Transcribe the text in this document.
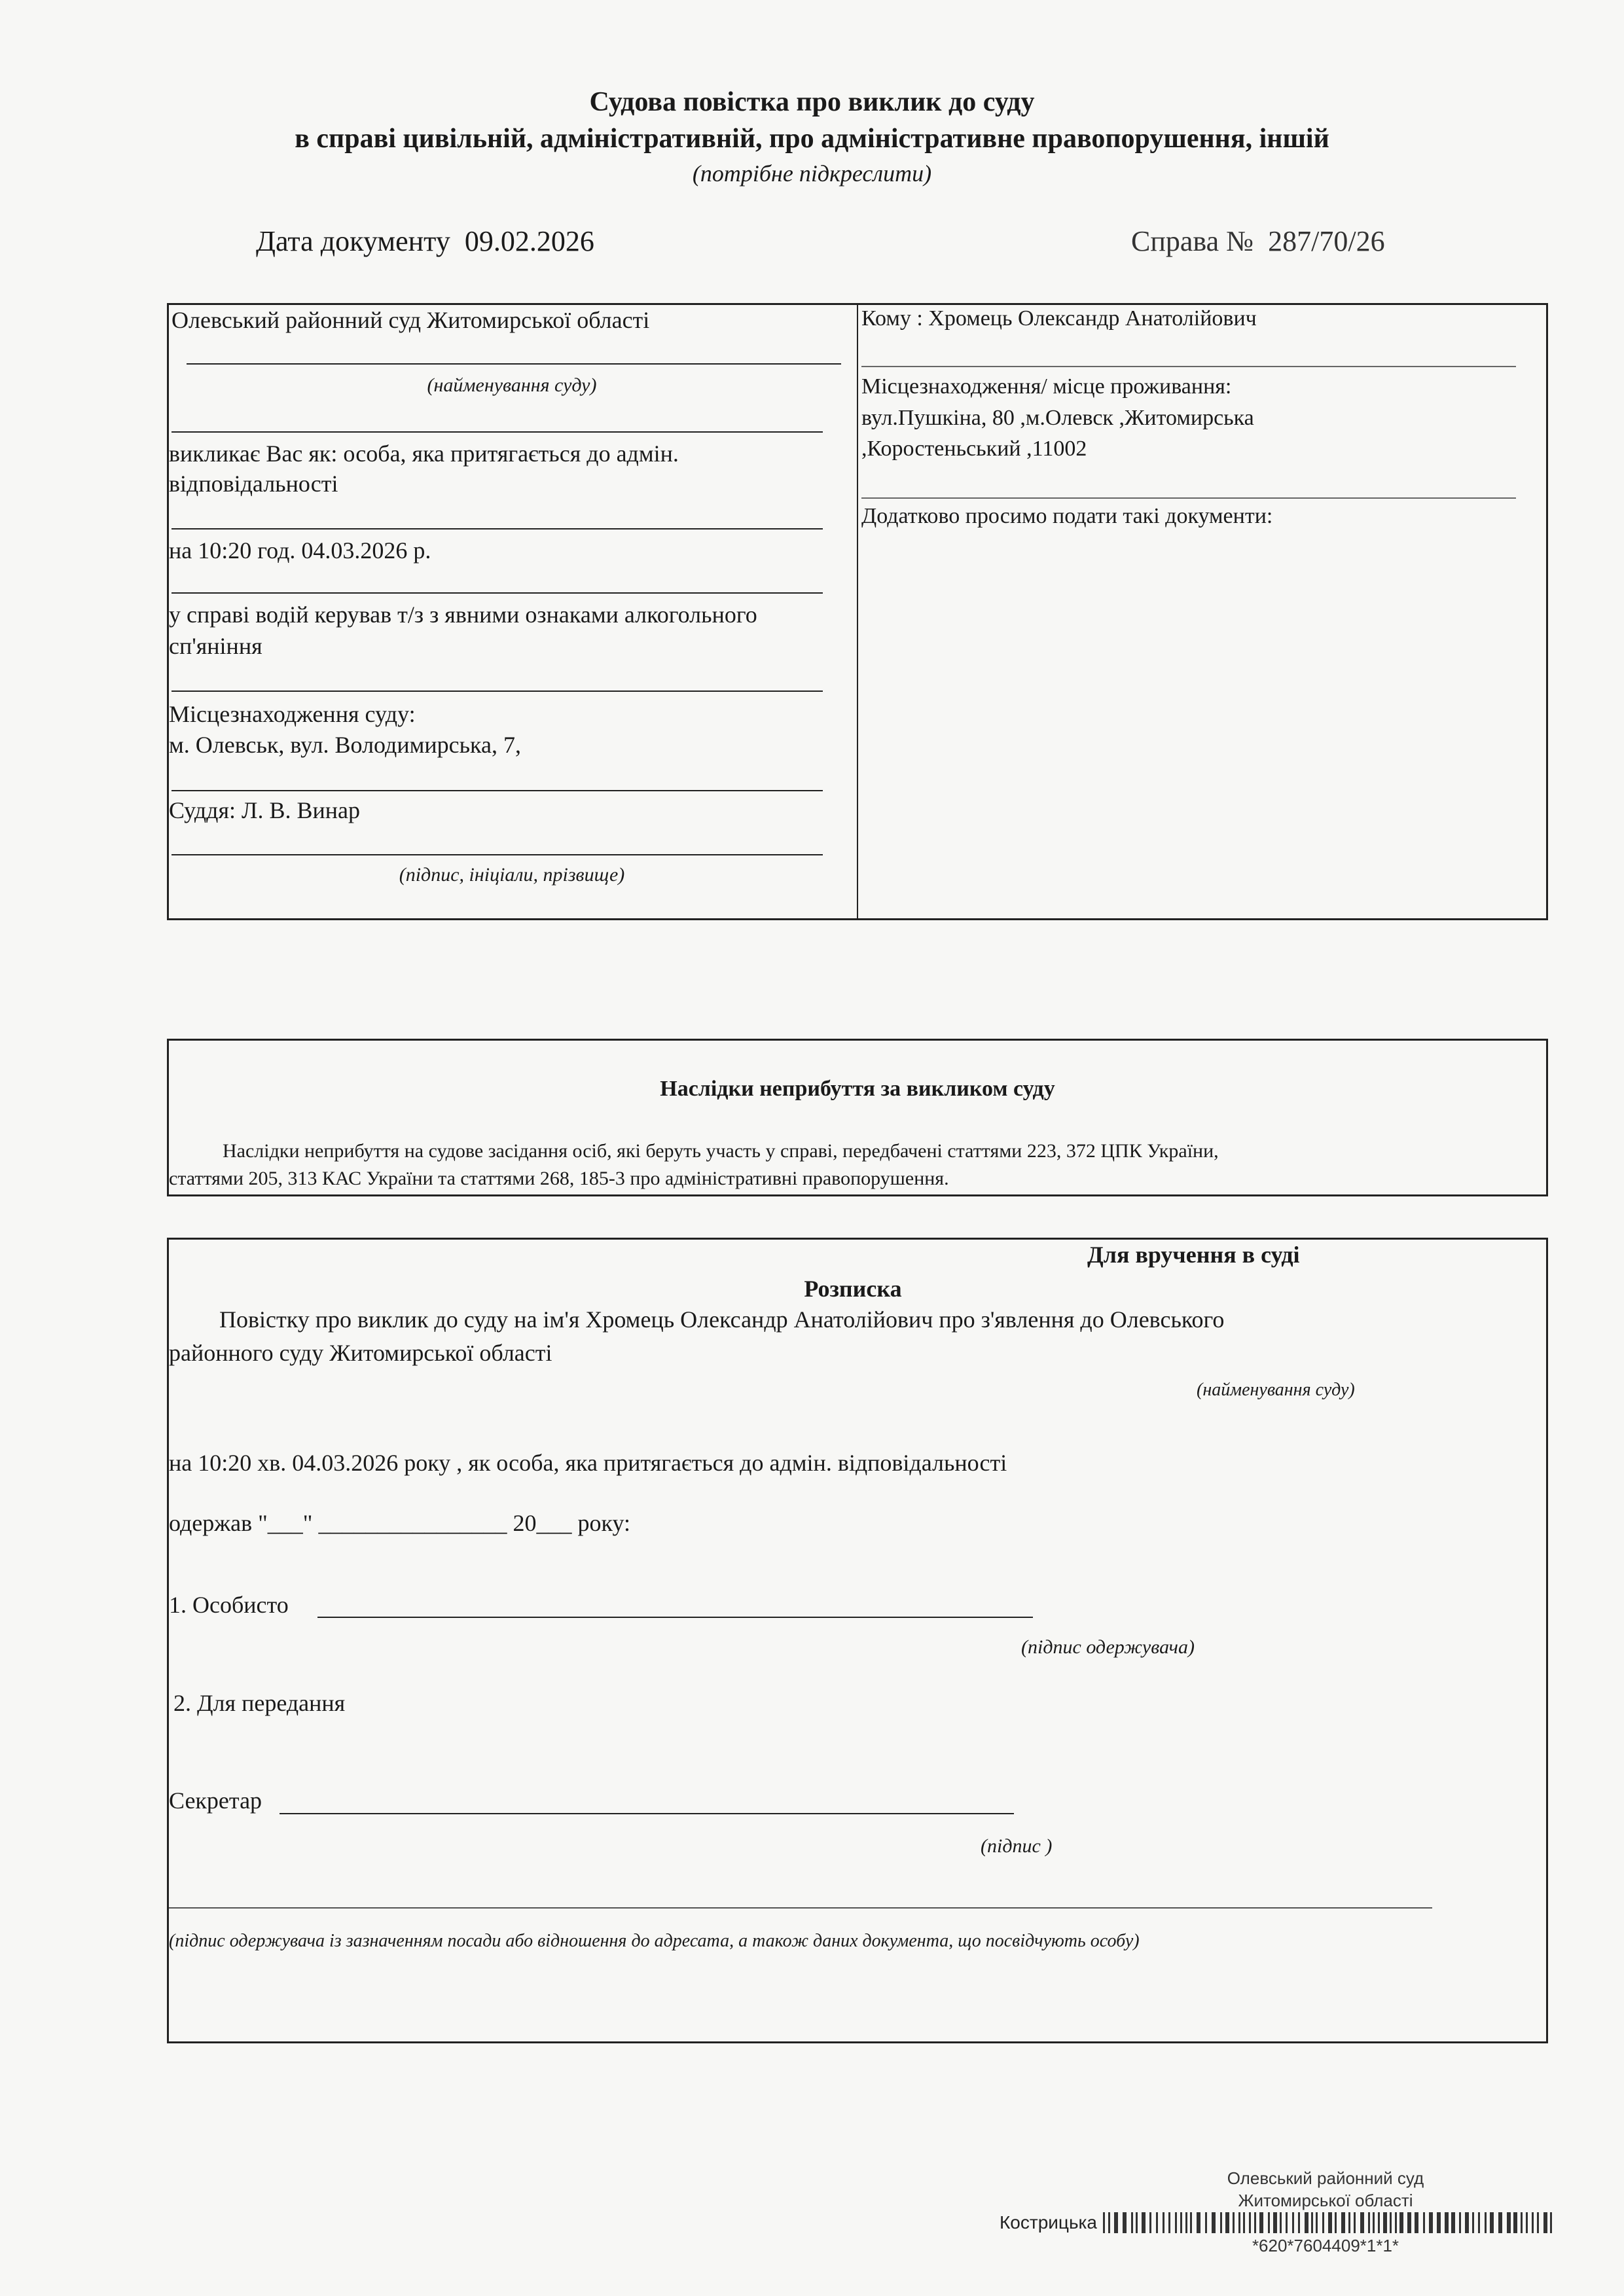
Судова повістка про виклик до суду
в справі цивільній, адміністративній, про адміністративне правопорушення, іншій
(потрібне підкреслити)
Дата документу 09.02.2026	Справа № 287/70/26
Олевський районний суд Житомирської області
(найменування суду)
викликає Вас як: особа, яка притягається до адмін.
відповідальності
на 10:20 год. 04.03.2026 р.
у справі водій керував т/з з явними ознаками алкогольного
сп'яніння
Місцезнаходження суду:
м. Олевськ, вул. Володимирська, 7,
Суддя: Л. В. Винар
(підпис, ініціали, прізвище)
Кому : Хромець Олександр Анатолійович
Місцезнаходження/ місце проживання:
вул.Пушкіна, 80 ,м.Олевск ,Житомирська
,Коростеньський ,11002
Додатково просимо подати такі документи:
Наслідки неприбуття за викликом суду
Наслідки неприбуття на судове засідання осіб, які беруть участь у справі, передбачені статтями 223, 372 ЦПК України,
статтями 205, 313 КАС України та статтями 268, 185-3 про адміністративні правопорушення.
Для вручення в суді
Розписка
Повістку про виклик до суду на ім'я Хромець Олександр Анатолійович про з'явлення до Олевського
районного суду Житомирської області
(найменування суду)
на 10:20 хв. 04.03.2026 року , як особа, яка притягається до адмін. відповідальності
одержав "___" ________________ 20___ року:
1. Особисто
(підпис одержувача)
2. Для передання
Секретар
(підпис )
(підпис одержувача із зазначенням посади або відношення до адресата, а також даних документа, що посвідчують особу)
Олевський районний суд
Житомирської області
Кострицька
*620*7604409*1*1*
